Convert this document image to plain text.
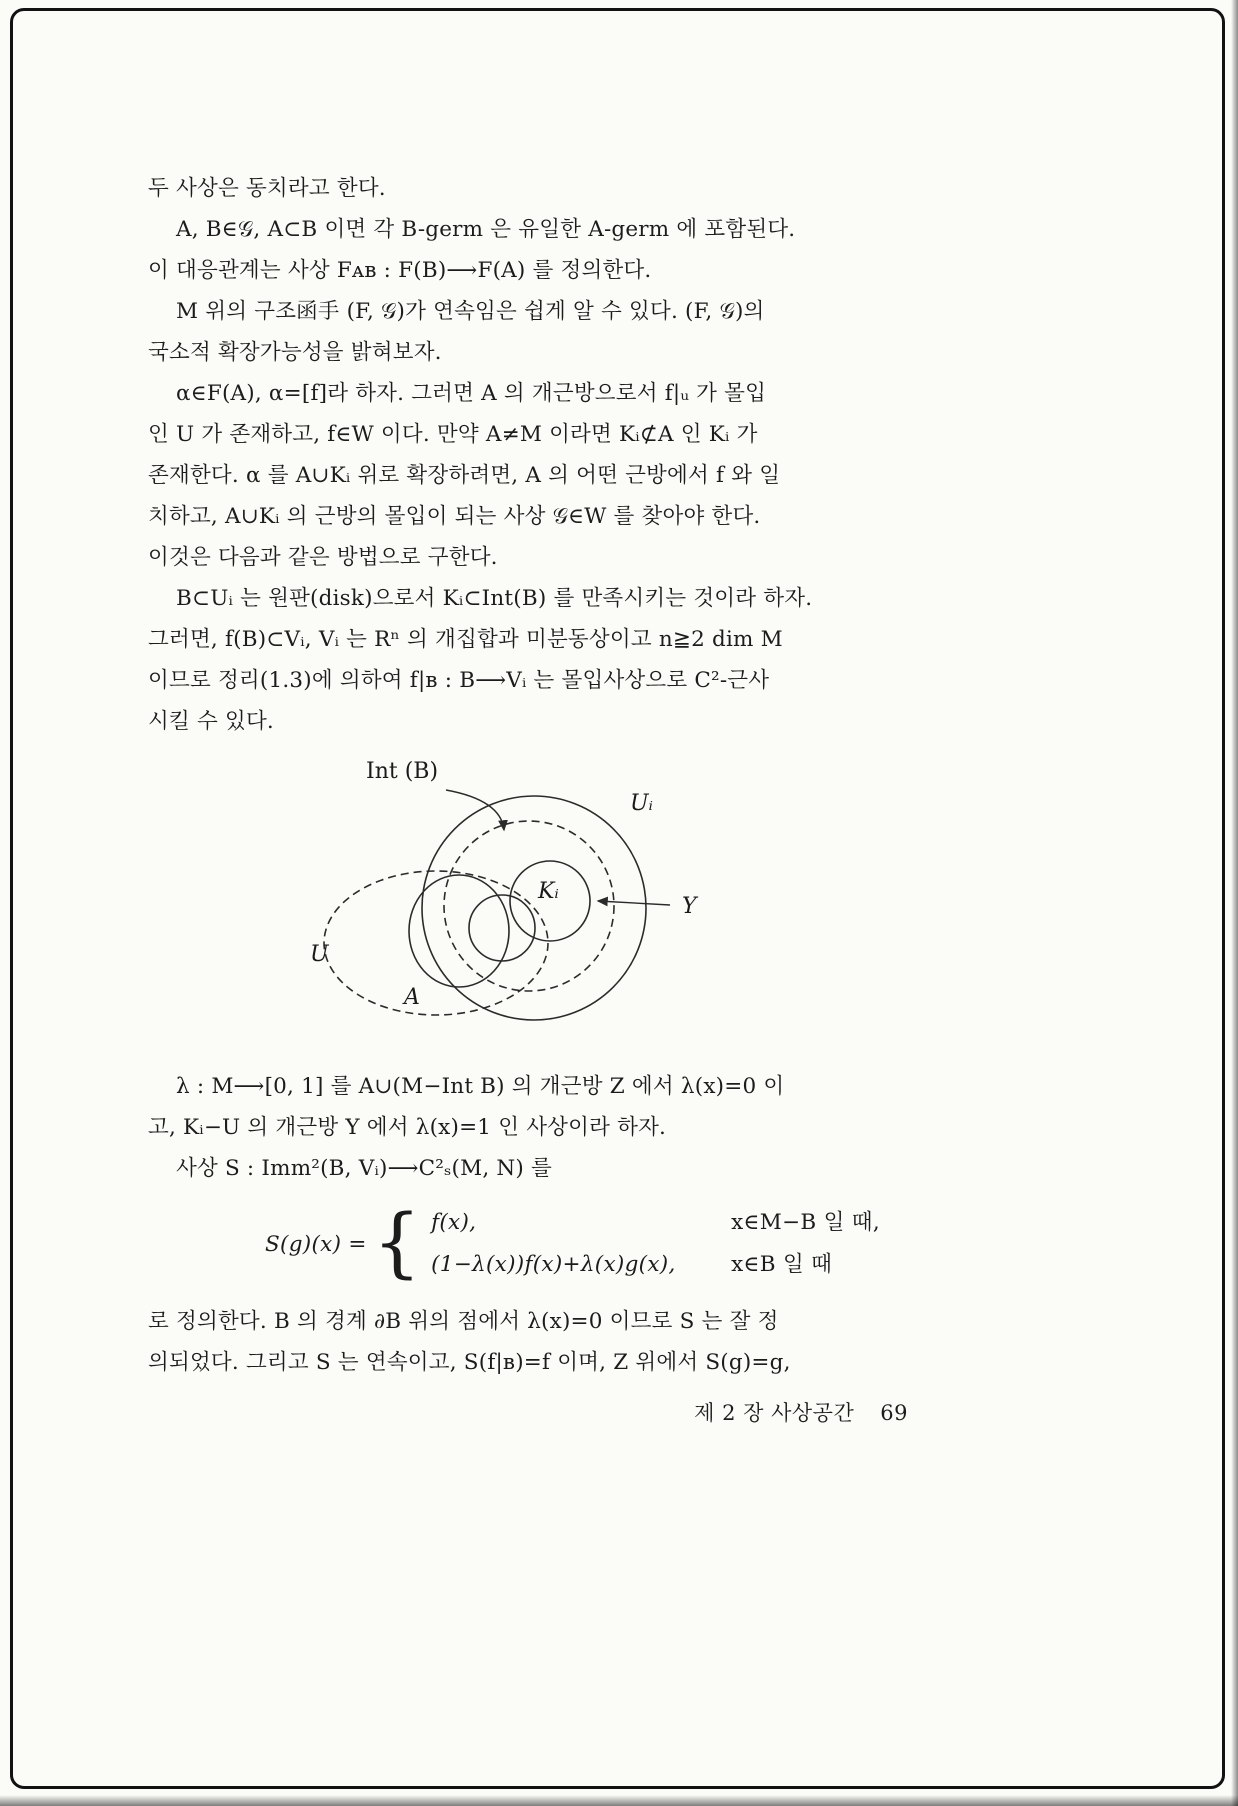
두 사상은 동치라고 한다.
A, B∈𝒢, A⊂B 이면 각 B-germ 은 유일한 A-germ 에 포함된다.
이 대응관계는 사상 Fᴀʙ : F(B)⟶F(A) 를 정의한다.
M 위의 구조函手 (F, 𝒢)가 연속임은 쉽게 알 수 있다. (F, 𝒢)의
국소적 확장가능성을 밝혀보자.
α∈F(A), α=[f]라 하자. 그러면 A 의 개근방으로서 f|ᵤ 가 몰입
인 U 가 존재하고, f∈W 이다. 만약 A≠M 이라면 Kᵢ⊄A 인 Kᵢ 가
존재한다. α 를 A∪Kᵢ 위로 확장하려면, A 의 어떤 근방에서 f 와 일
치하고, A∪Kᵢ 의 근방의 몰입이 되는 사상 𝒢∈W 를 찾아야 한다.
이것은 다음과 같은 방법으로 구한다.
B⊂Uᵢ 는 원판(disk)으로서 Kᵢ⊂Int(B) 를 만족시키는 것이라 하자.
그러면, f(B)⊂Vᵢ, Vᵢ 는 Rⁿ 의 개집합과 미분동상이고 n≧2 dim M
이므로 정리(1.3)에 의하여 f|ʙ : B⟶Vᵢ 는 몰입사상으로 C²-근사
시킬 수 있다.
Int (B)
Uᵢ
Kᵢ
Y
U
A
λ : M⟶[0, 1] 를 A∪(M−Int B) 의 개근방 Z 에서 λ(x)=0 이
고, Kᵢ−U 의 개근방 Y 에서 λ(x)=1 인 사상이라 하자.
사상 S : Imm²(B, Vᵢ)⟶C²ₛ(M, N) 를
S(g)(x) = { f(x),	x∈M−B 일 때,
(1−λ(x))f(x)+λ(x)g(x),	x∈B 일 때
로 정의한다. B 의 경계 ∂B 위의 점에서 λ(x)=0 이므로 S 는 잘 정
의되었다. 그리고 S 는 연속이고, S(f|ʙ)=f 이며, Z 위에서 S(g)=g,
제 2 장 사상공간 69
